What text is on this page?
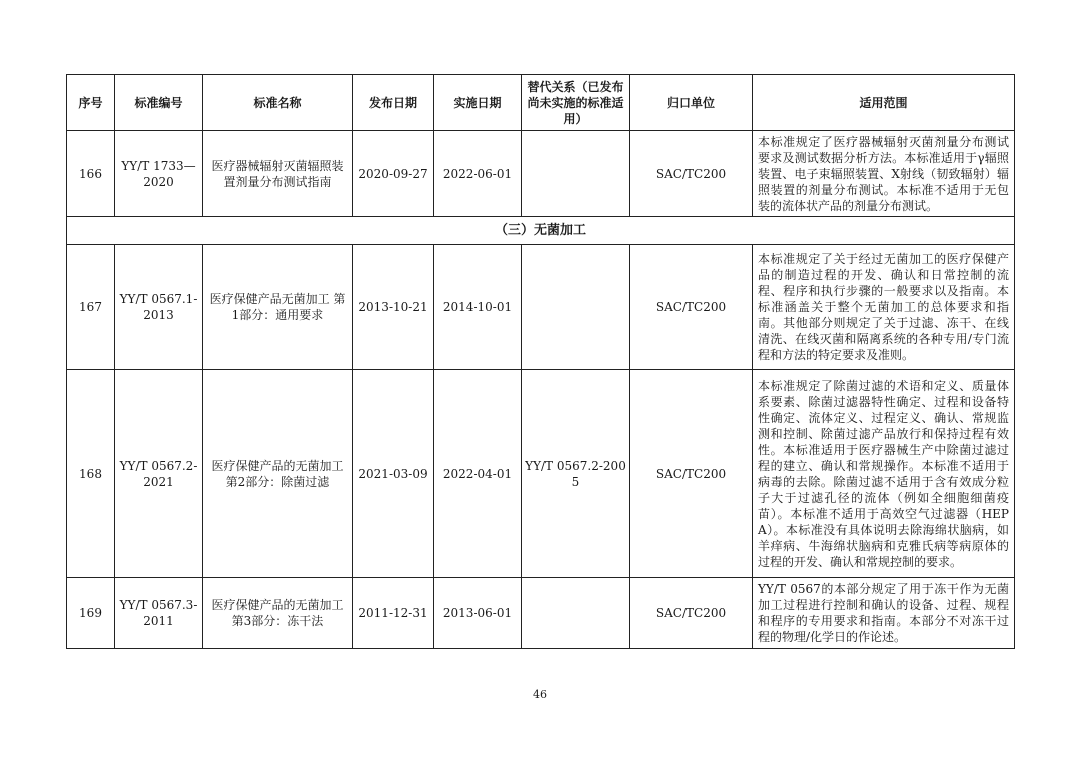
序号	标准编号	标准名称	发布日期	实施日期	替代关系（已发布尚未实施的标准适用）	归口单位	适用范围
166	YY/T 1733—2020	医疗器械辐射灭菌辐照装置剂量分布测试指南	2020-09-27	2022-06-01		SAC/TC200	本标准规定了医疗器械辐射灭菌剂量分布测试要求及测试数据分析方法。本标准适用于γ辐照装置、电子束辐照装置、X射线（韧致辐射）辐照装置的剂量分布测试。本标准不适用于无包装的流体状产品的剂量分布测试。
（三）无菌加工							
167	YY/T 0567.1-2013	医疗保健产品无菌加工 第1部分：通用要求	2013-10-21	2014-10-01		SAC/TC200	本标准规定了关于经过无菌加工的医疗保健产品的制造过程的开发、确认和日常控制的流程、程序和执行步骤的一般要求以及指南。本标准涵盖关于整个无菌加工的总体要求和指南。其他部分则规定了关于过滤、冻干、在线清洗、在线灭菌和隔离系统的各种专用/专门流程和方法的特定要求及准则。
168	YY/T 0567.2-2021	医疗保健产品的无菌加工 第2部分：除菌过滤	2021-03-09	2022-04-01	YY/T 0567.2-2005	SAC/TC200	本标准规定了除菌过滤的术语和定义、质量体系要素、除菌过滤器特性确定、过程和设备特性确定、流体定义、过程定义、确认、常规监测和控制、除菌过滤产品放行和保持过程有效性。本标准适用于医疗器械生产中除菌过滤过程的建立、确认和常规操作。本标准不适用于病毒的去除。除菌过滤不适用于含有效成分粒子大于过滤孔径的流体（例如全细胞细菌疫苗）。本标准不适用于高效空气过滤器（HEPA）。本标准没有具体说明去除海绵状脑病，如羊痒病、牛海绵状脑病和克雅氏病等病原体的过程的开发、确认和常规控制的要求。
169	YY/T 0567.3-2011	医疗保健产品的无菌加工 第3部分：冻干法	2011-12-31	2013-06-01		SAC/TC200	YY/T 0567的本部分规定了用于冻干作为无菌加工过程进行控制和确认的设备、过程、规程和程序的专用要求和指南。本部分不对冻干过程的物理/化学日的作论述。
46
